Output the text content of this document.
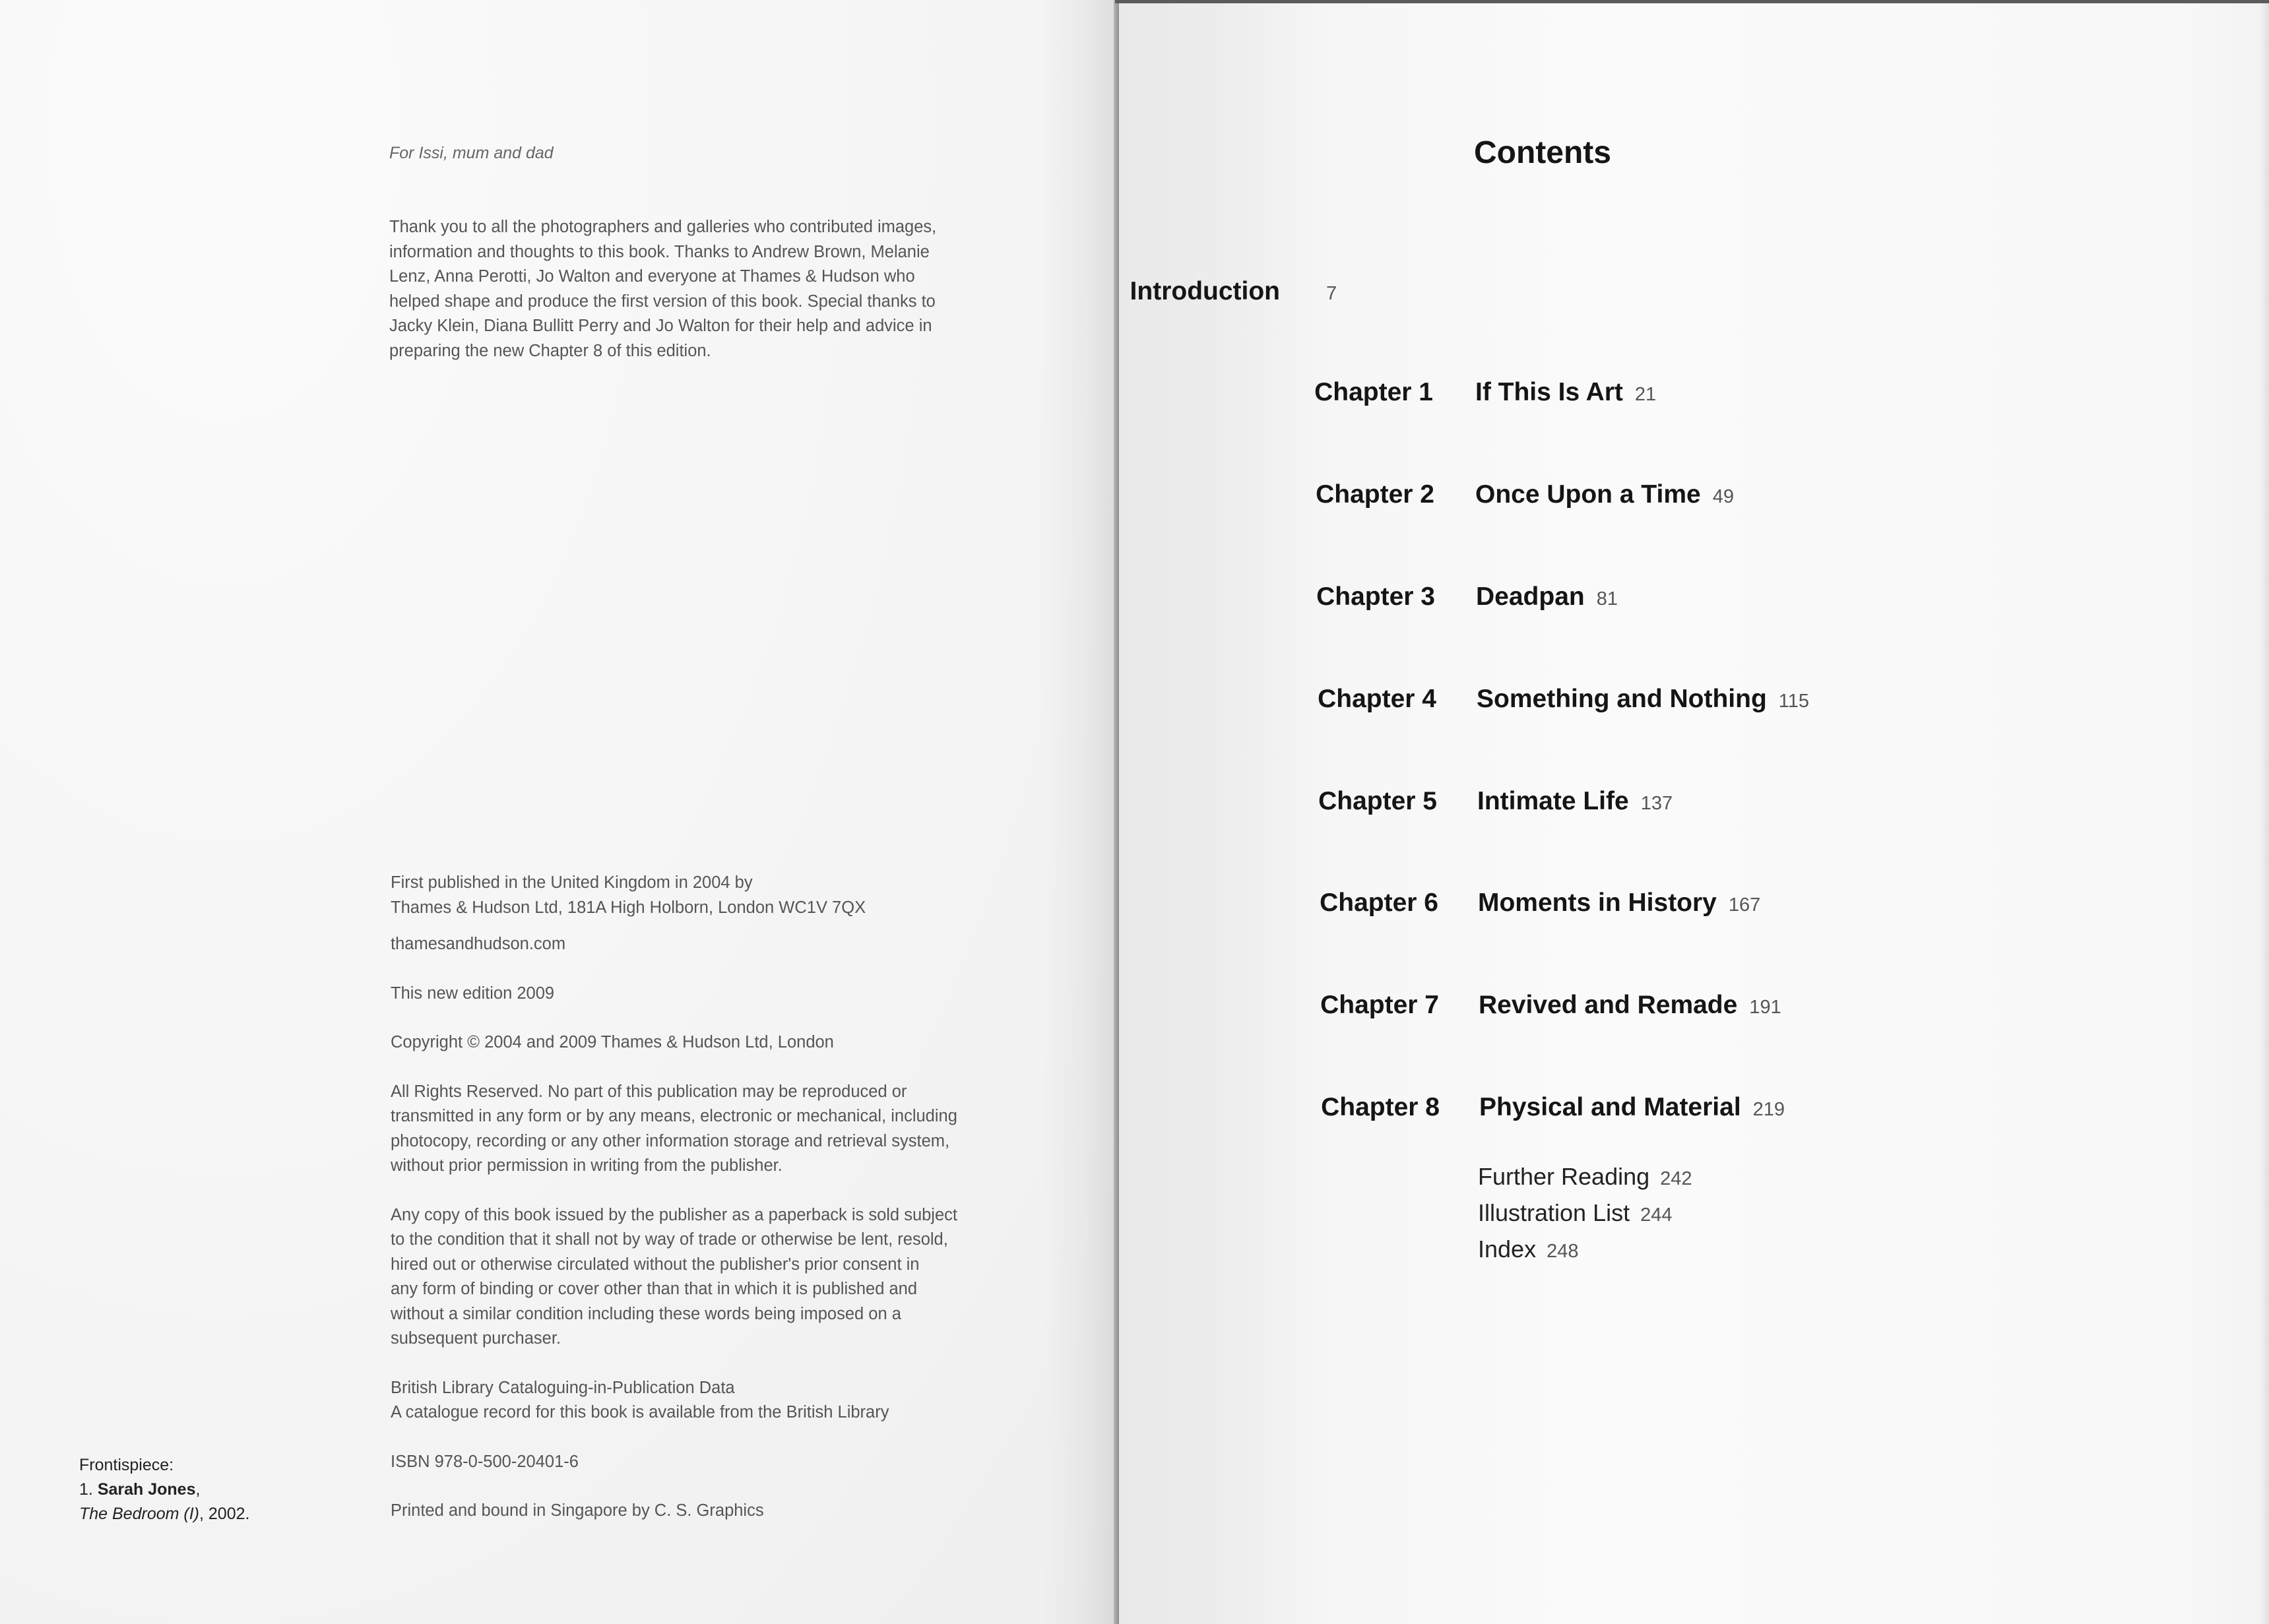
For Issi, mum and dad
Thank you to all the photographers and galleries who contributed images,
information and thoughts to this book. Thanks to Andrew Brown, Melanie
Lenz, Anna Perotti, Jo Walton and everyone at Thames & Hudson who
helped shape and produce the first version of this book. Special thanks to
Jacky Klein, Diana Bullitt Perry and Jo Walton for their help and advice in
preparing the new Chapter 8 of this edition.
First published in the United Kingdom in 2004 by
Thames & Hudson Ltd, 181A High Holborn, London WC1V 7QX
thamesandhudson.com
This new edition 2009
Copyright © 2004 and 2009 Thames & Hudson Ltd, London
All Rights Reserved. No part of this publication may be reproduced or
transmitted in any form or by any means, electronic or mechanical, including
photocopy, recording or any other information storage and retrieval system,
without prior permission in writing from the publisher.
Any copy of this book issued by the publisher as a paperback is sold subject
to the condition that it shall not by way of trade or otherwise be lent, resold,
hired out or otherwise circulated without the publisher's prior consent in
any form of binding or cover other than that in which it is published and
without a similar condition including these words being imposed on a
subsequent purchaser.
British Library Cataloguing-in-Publication Data
A catalogue record for this book is available from the British Library
ISBN 978-0-500-20401-6
Printed and bound in Singapore by C. S. Graphics
Frontispiece:
1. Sarah Jones,
The Bedroom (I), 2002.
Contents
Introduction 7
Chapter 1 If This Is Art 21
Chapter 2 Once Upon a Time 49
Chapter 3 Deadpan 81
Chapter 4 Something and Nothing 115
Chapter 5 Intimate Life 137
Chapter 6 Moments in History 167
Chapter 7 Revived and Remade 191
Chapter 8 Physical and Material 219
Further Reading 242
Illustration List 244
Index 248
